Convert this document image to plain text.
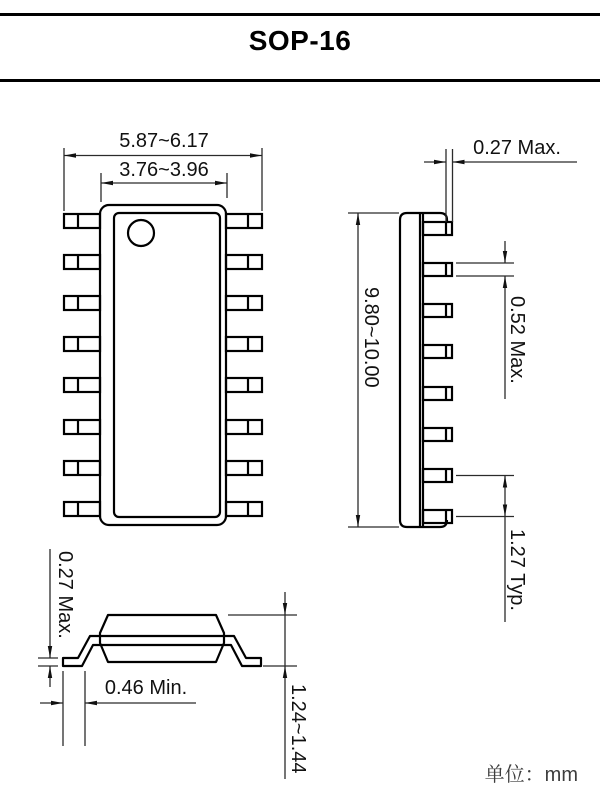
SOP-16
5.87~6.17
3.76~3.96
0.27 Max.
9.80~10.00	0.52 Max.
1.27 Typ.
0.27 Max.
0.46 Min.	1.24~1.44
单位：mm
